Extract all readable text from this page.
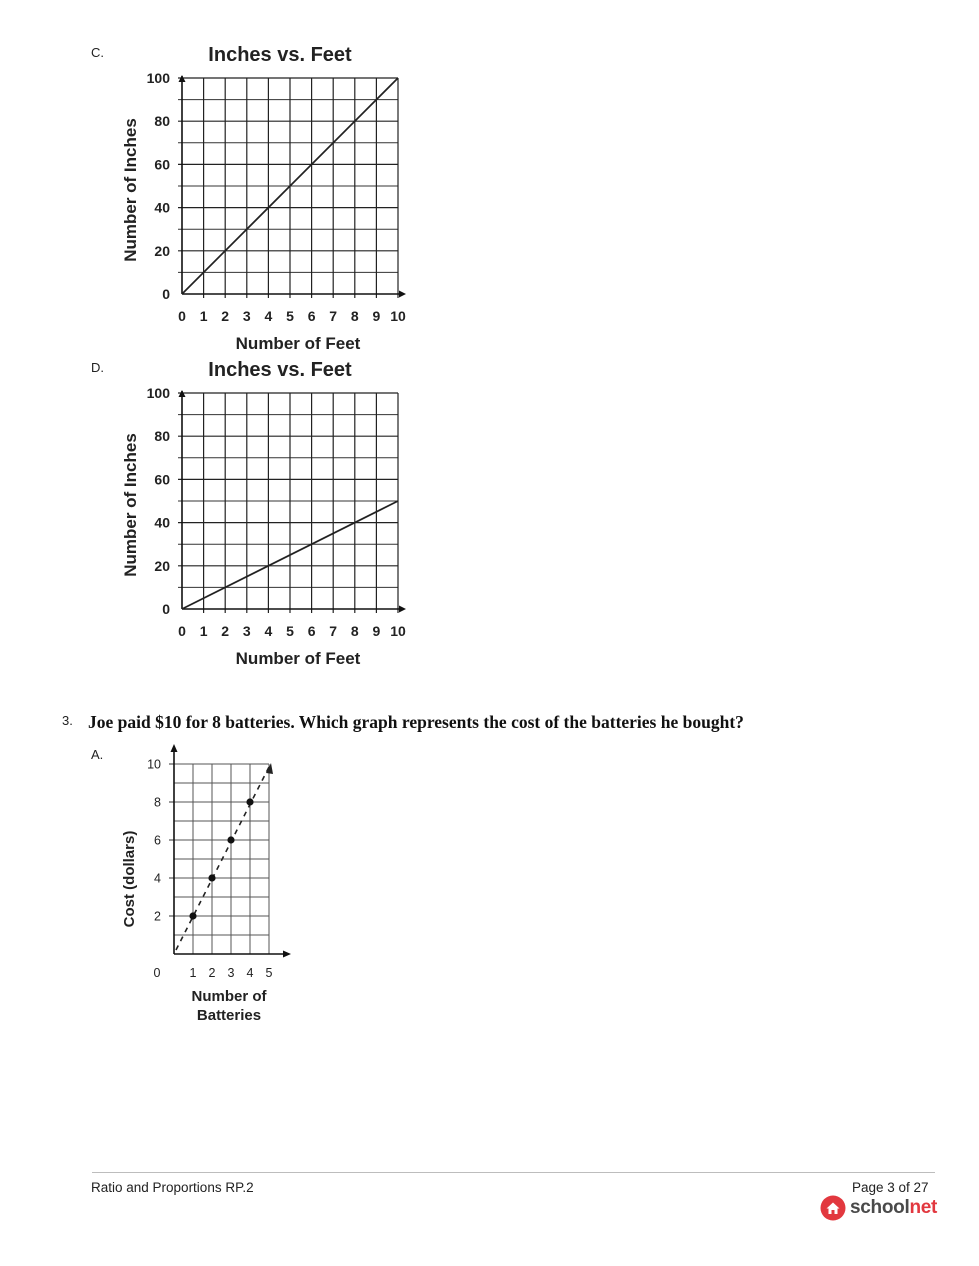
C.	Inches vs. Feet
0
20
40
60
80
100
0 1 2 3 4 5 6 7 8 9 10
Number of Feet
Number of Inches
D.	Inches vs. Feet
0
20
40
60
80
100
0 1 2 3 4 5 6 7 8 9 10
Number of Feet
Number of Inches
3. Joe paid $10 for 8 batteries. Which graph represents the cost of the batteries he bought?
A.
2
4
6
8
10
1 2 3 4 5
0
Number of
Batteries
Cost (dollars)
Ratio and Proportions RP.2	Page 3 of 27
school net
